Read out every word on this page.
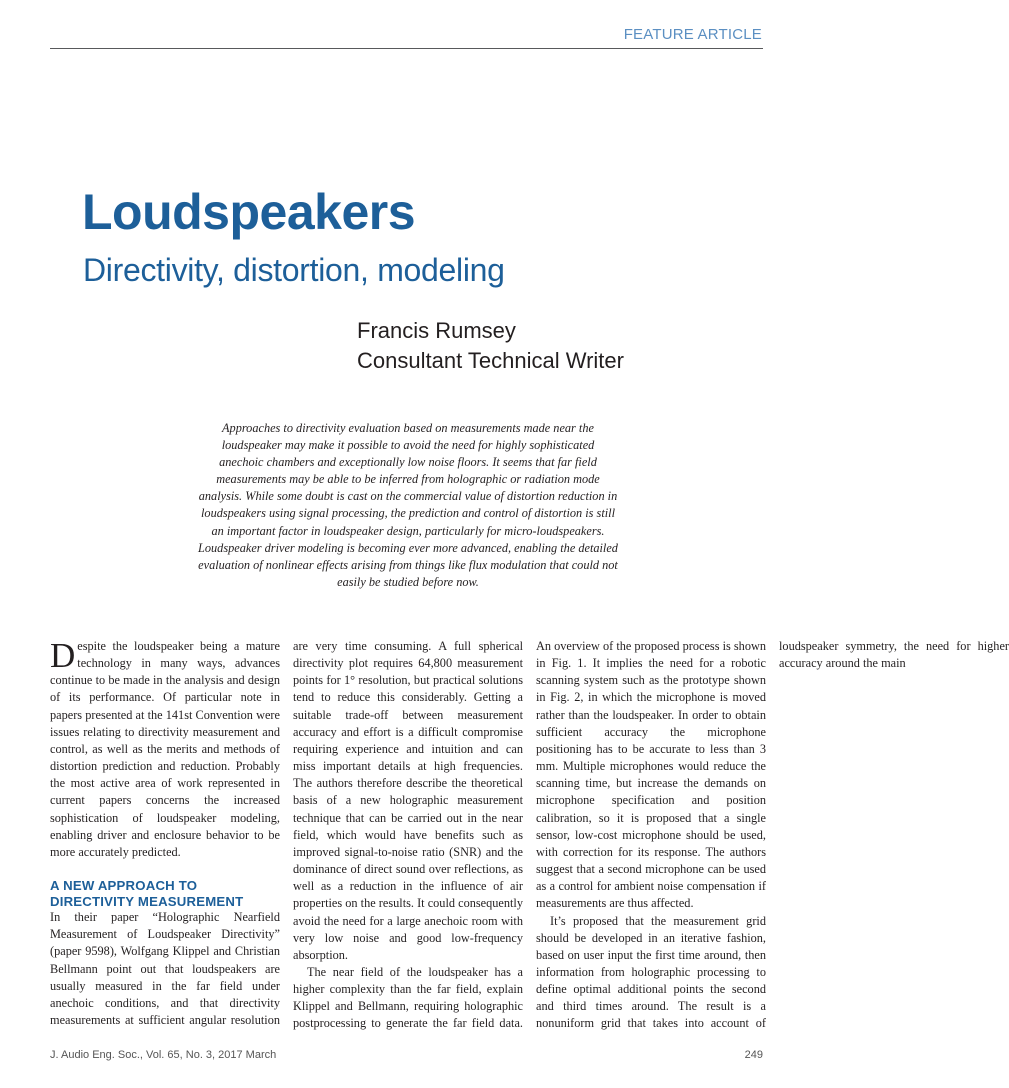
FEATURE ARTICLE
Loudspeakers
Directivity, distortion, modeling
Francis Rumsey
Consultant Technical Writer
Approaches to directivity evaluation based on measurements made near the loudspeaker may make it possible to avoid the need for highly sophisticated anechoic chambers and exceptionally low noise floors. It seems that far field measurements may be able to be inferred from holographic or radiation mode analysis. While some doubt is cast on the commercial value of distortion reduction in loudspeakers using signal processing, the prediction and control of distortion is still an important factor in loudspeaker design, particularly for micro-loudspeakers. Loudspeaker driver modeling is becoming ever more advanced, enabling the detailed evaluation of nonlinear effects arising from things like flux modulation that could not easily be studied before now.

Despite the loudspeaker being a mature technology in many ways, advances continue to be made in the analysis and design of its performance. Of particular note in papers presented at the 141st Convention were issues relating to directivity measurement and control, as well as the merits and methods of distortion prediction and reduction. Probably the most active area of work represented in current papers concerns the increased sophistication of loudspeaker modeling, enabling driver and enclosure behavior to be more accurately predicted.

A NEW APPROACH TO DIRECTIVITY MEASUREMENT

In their paper “Holographic Nearfield Measurement of Loudspeaker Directivity” (paper 9598), Wolfgang Klippel and Christian Bellmann point out that loudspeakers are usually measured in the far field under anechoic conditions, and that directivity measurements at sufficient angular resolution are very time consuming. A full spherical directivity plot requires 64,800 measurement points for 1° resolution, but practical solutions tend to reduce this considerably. Getting a suitable trade-off between measurement accuracy and effort is a difficult compromise requiring experience and intuition and can miss important details at high frequencies. The authors therefore describe the theoretical basis of a new holographic measurement technique that can be carried out in the near field, which would have benefits such as improved signal-to-noise ratio (SNR) and the dominance of direct sound over reflections, as well as a reduction in the influence of air properties on the results. It could consequently avoid the need for a large anechoic room with very low noise and good low-frequency absorption.

The near field of the loudspeaker has a higher complexity than the far field, explain Klippel and Bellmann, requiring holographic postprocessing to generate the far field data. An overview of the proposed process is shown in Fig. 1. It implies the need for a robotic scanning system such as the prototype shown in Fig. 2, in which the microphone is moved rather than the loudspeaker. In order to obtain sufficient accuracy the microphone positioning has to be accurate to less than 3 mm. Multiple microphones would reduce the scanning time, but increase the demands on microphone specification and position calibration, so it is proposed that a single sensor, low-cost microphone should be used, with correction for its response. The authors suggest that a second microphone can be used as a control for ambient noise compensation if measurements are thus affected.

It’s proposed that the measurement grid should be developed in an iterative fashion, based on user input the first time around, then information from holographic processing to define optimal additional points the second and third times around. The result is a nonuniform grid that takes into account of loudspeaker symmetry, the need for higher accuracy around the main

J. Audio Eng. Soc., Vol. 65, No. 3, 2017 March	249
